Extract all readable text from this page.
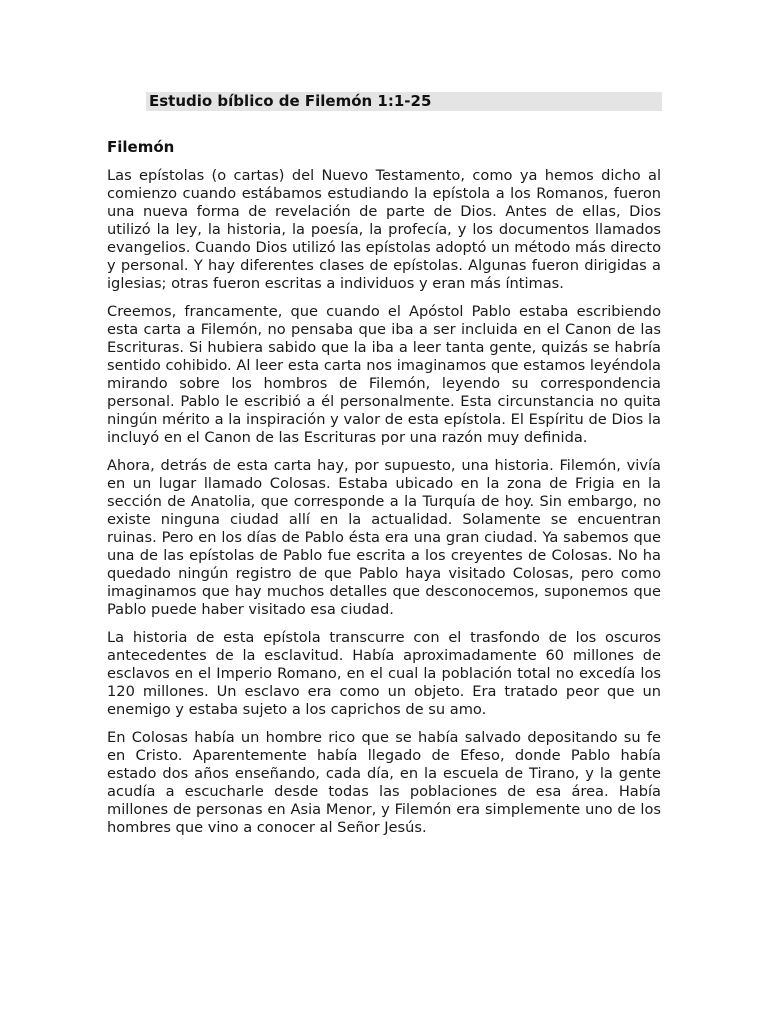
Estudio bíblico de Filemón 1:1-25
Filemón

Las epístolas (o cartas) del Nuevo Testamento, como ya hemos dicho al comienzo cuando estábamos estudiando la epístola a los Romanos, fueron una nueva forma de revelación de parte de Dios. Antes de ellas, Dios utilizó la ley, la historia, la poesía, la profecía, y los documentos llamados evangelios. Cuando Dios utilizó las epístolas adoptó un método más directo y personal. Y hay diferentes clases de epístolas. Algunas fueron dirigidas a iglesias; otras fueron escritas a individuos y eran más íntimas.

Creemos, francamente, que cuando el Apóstol Pablo estaba escribiendo esta carta a Filemón, no pensaba que iba a ser incluida en el Canon de las Escrituras. Si hubiera sabido que la iba a leer tanta gente, quizás se habría sentido cohibido. Al leer esta carta nos imaginamos que estamos leyéndola mirando sobre los hombros de Filemón, leyendo su correspondencia personal. Pablo le escribió a él personalmente. Esta circunstancia no quita ningún mérito a la inspiración y valor de esta epístola. El Espíritu de Dios la incluyó en el Canon de las Escrituras por una razón muy definida.

Ahora, detrás de esta carta hay, por supuesto, una historia. Filemón, vivía en un lugar llamado Colosas. Estaba ubicado en la zona de Frigia en la sección de Anatolia, que corresponde a la Turquía de hoy. Sin embargo, no existe ninguna ciudad allí en la actualidad. Solamente se encuentran ruinas. Pero en los días de Pablo ésta era una gran ciudad. Ya sabemos que una de las epístolas de Pablo fue escrita a los creyentes de Colosas. No ha quedado ningún registro de que Pablo haya visitado Colosas, pero como imaginamos que hay muchos detalles que desconocemos, suponemos que Pablo puede haber visitado esa ciudad.

La historia de esta epístola transcurre con el trasfondo de los oscuros antecedentes de la esclavitud. Había aproximadamente 60 millones de esclavos en el Imperio Romano, en el cual la población total no excedía los 120 millones. Un esclavo era como un objeto. Era tratado peor que un enemigo y estaba sujeto a los caprichos de su amo.

En Colosas había un hombre rico que se había salvado depositando su fe en Cristo. Aparentemente había llegado de Efeso, donde Pablo había estado dos años enseñando, cada día, en la escuela de Tirano, y la gente acudía a escucharle desde todas las poblaciones de esa área. Había millones de personas en Asia Menor, y Filemón era simplemente uno de los hombres que vino a conocer al Señor Jesús.
